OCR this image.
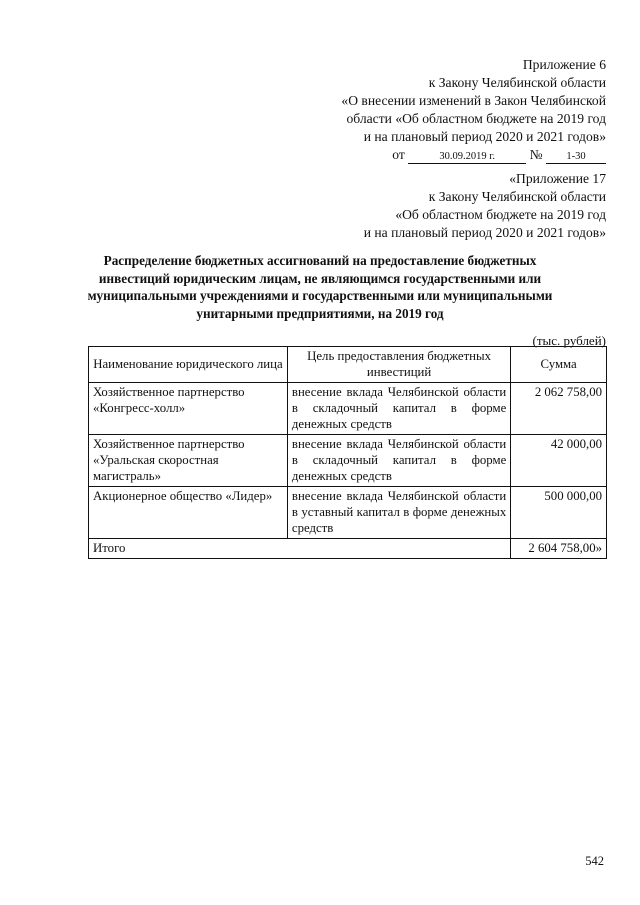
Приложение 6
к Закону Челябинской области
«О внесении изменений в Закон Челябинской
области «Об областном бюджете на 2019 год
и на плановый период 2020 и 2021 годов»
от	30.09.2019 г.	№ 1-30
«Приложение 17
к Закону Челябинской области
«Об областном бюджете на 2019 год
и на плановый период 2020 и 2021 годов»
Распределение бюджетных ассигнований на предоставление бюджетных инвестиций юридическим лицам, не являющимся государственными или муниципальными учреждениями и государственными или муниципальными унитарными предприятиями, на 2019 год
(тыс. рублей)
Наименование юридического лица	Цель предоставления бюджетных инвестиций	Сумма
Хозяйственное партнерство «Конгресс-холл»	внесение вклада Челябинской области в складочный капитал в форме денежных средств	2 062 758,00
Хозяйственное партнерство «Уральская скоростная магистраль»	внесение вклада Челябинской области в складочный капитал в форме денежных средств	42 000,00
Акционерное общество «Лидер»	внесение вклада Челябинской области в уставный капитал в форме денежных средств	500 000,00
Итого		2 604 758,00»
542
